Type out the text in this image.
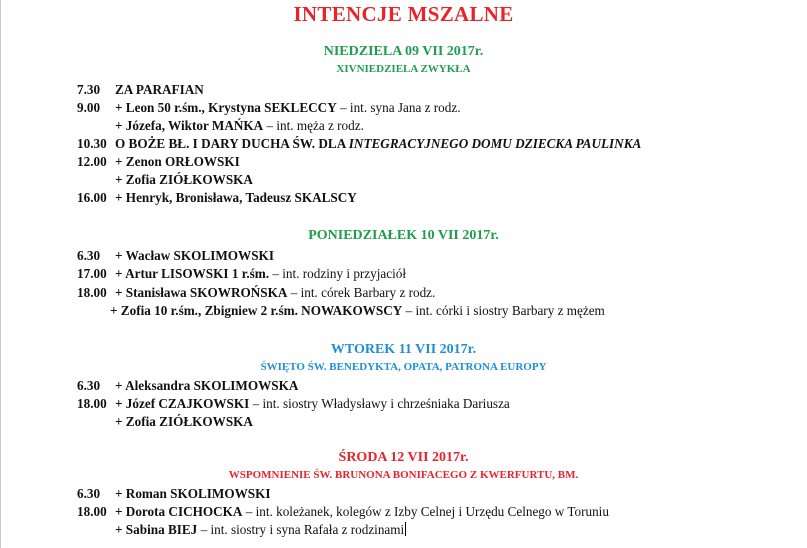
INTENCJE MSZALNE
NIEDZIELA 09 VII 2017r.
XIVNIEDZIELA ZWYKŁA
7.30 ZA PARAFIAN
9.00 + Leon 50 r.śm., Krystyna SEKLECCY – int. syna Jana z rodz.
+ Józefa, Wiktor MAŃKA – int. męża z rodz.
10.30 O BOŻE BŁ. I DARY DUCHA ŚW. DLA INTEGRACYJNEGO DOMU DZIECKA PAULINKA
12.00 + Zenon ORŁOWSKI
+ Zofia ZIÓŁKOWSKA
16.00 + Henryk, Bronisława, Tadeusz SKALSCY
PONIEDZIAŁEK 10 VII 2017r.
6.30 + Wacław SKOLIMOWSKI
17.00 + Artur LISOWSKI 1 r.śm. – int. rodziny i przyjaciół
18.00 + Stanisława SKOWROŃSKA – int. córek Barbary z rodz.
+ Zofia 10 r.śm., Zbigniew 2 r.śm. NOWAKOWSCY – int. córki i siostry Barbary z mężem
WTOREK 11 VII 2017r.
ŚWIĘTO ŚW. BENEDYKTA, OPATA, PATRONA EUROPY
6.30 + Aleksandra SKOLIMOWSKA
18.00 + Józef CZAJKOWSKI – int. siostry Władysławy i chrześniaka Dariusza
+ Zofia ZIÓŁKOWSKA
ŚRODA 12 VII 2017r.
WSPOMNIENIE ŚW. BRUNONA BONIFACEGO Z KWERFURTU, BM.
6.30 + Roman SKOLIMOWSKI
18.00 + Dorota CICHOCKA – int. koleżanek, kolegów z Izby Celnej i Urzędu Celnego w Toruniu
+ Sabina BIEJ – int. siostry i syna Rafała z rodzinami
